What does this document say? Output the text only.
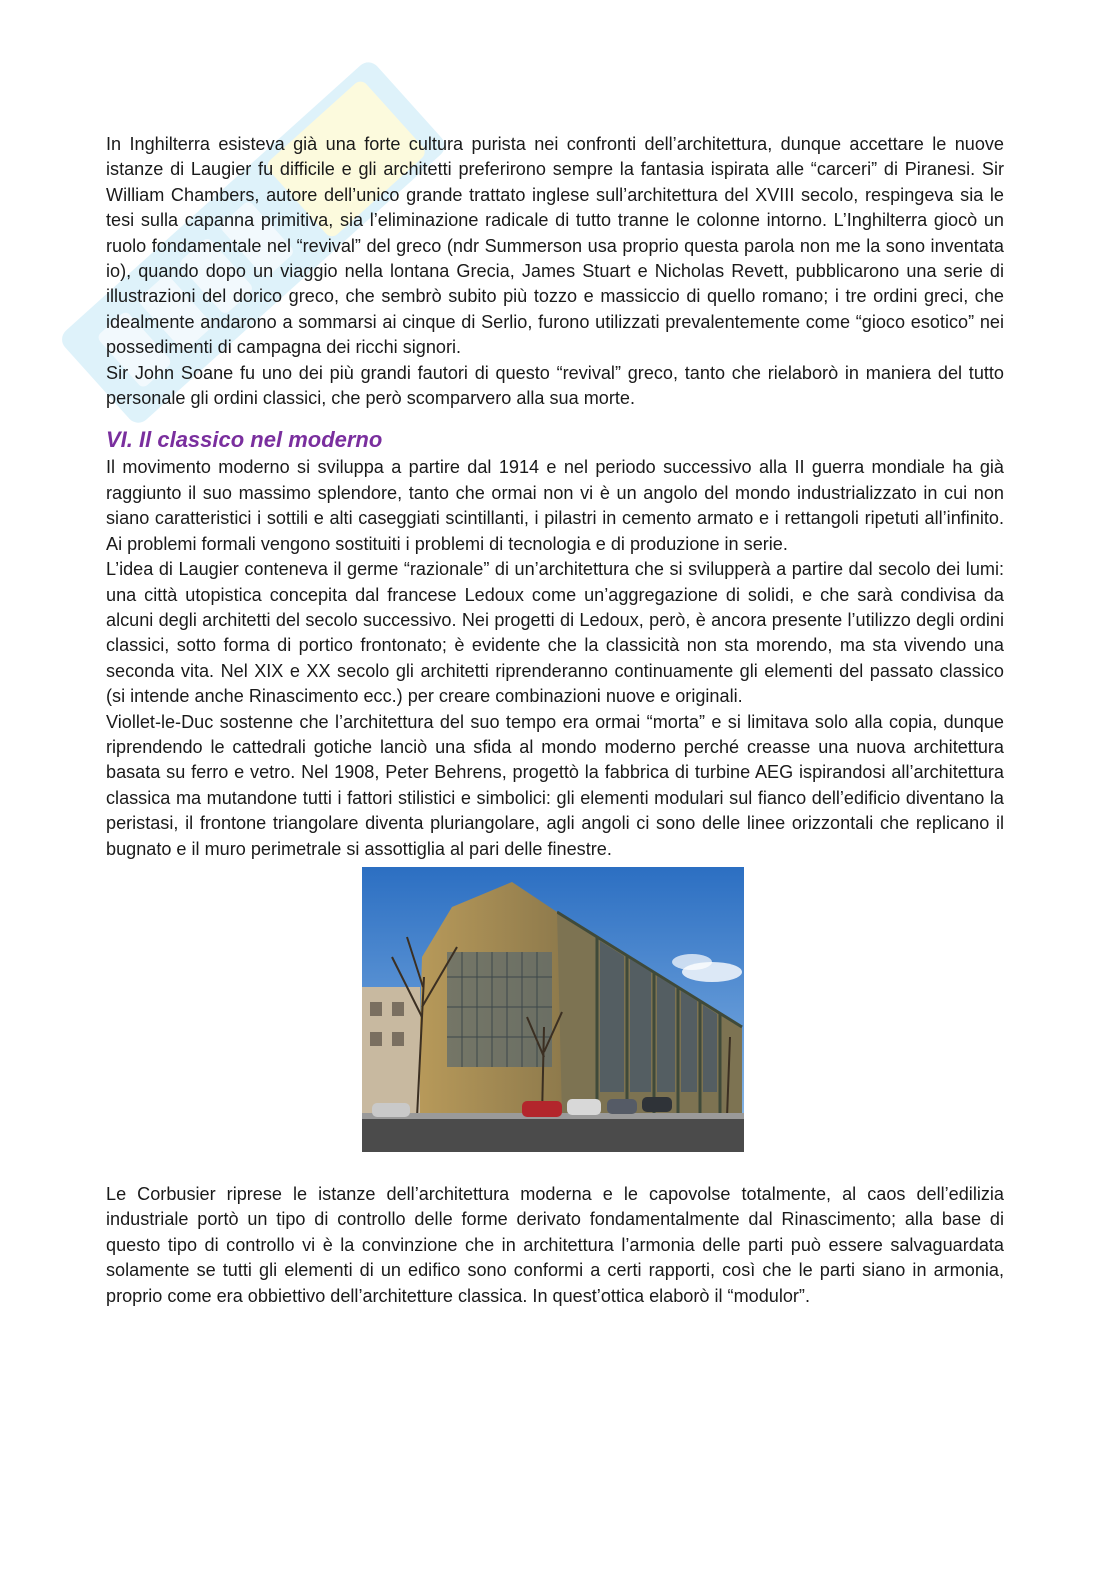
In Inghilterra esisteva già una forte cultura purista nei confronti dell’architettura, dunque accettare le nuove istanze di Laugier fu difficile e gli architetti preferirono sempre la fantasia ispirata alle “carceri” di Piranesi. Sir William Chambers, autore dell’unico grande trattato inglese sull’architettura del XVIII secolo, respingeva sia le tesi sulla capanna primitiva, sia l’eliminazione radicale di tutto tranne le colonne intorno. L’Inghilterra giocò un ruolo fondamentale nel “revival” del greco (ndr Summerson usa proprio questa parola non me la sono inventata io), quando dopo un viaggio nella lontana Grecia, James Stuart e Nicholas Revett, pubblicarono una serie di illustrazioni del dorico greco, che sembrò subito più tozzo e massiccio di quello romano; i tre ordini greci, che idealmente andarono a sommarsi ai cinque di Serlio, furono utilizzati prevalentemente come “gioco esotico” nei possedimenti di campagna dei ricchi signori.

Sir John Soane fu uno dei più grandi fautori di questo “revival” greco, tanto che rielaborò in maniera del tutto personale gli ordini classici, che però scomparvero alla sua morte.

VI. Il classico nel moderno

Il movimento moderno si sviluppa a partire dal 1914 e nel periodo successivo alla II guerra mondiale ha già raggiunto il suo massimo splendore, tanto che ormai non vi è un angolo del mondo industrializzato in cui non siano caratteristici i sottili e alti caseggiati scintillanti, i pilastri in cemento armato e i rettangoli ripetuti all’infinito. Ai problemi formali vengono sostituiti i problemi di tecnologia e di produzione in serie.

L’idea di Laugier conteneva il germe “razionale” di un’architettura che si svilupperà a partire dal secolo dei lumi: una città utopistica concepita dal francese Ledoux come un’aggregazione di solidi, e che sarà condivisa da alcuni degli architetti del secolo successivo. Nei progetti di Ledoux, però, è ancora presente l’utilizzo degli ordini classici, sotto forma di portico frontonato; è evidente che la classicità non sta morendo, ma sta vivendo una seconda vita. Nel XIX e XX secolo gli architetti riprenderanno continuamente gli elementi del passato classico (si intende anche Rinascimento ecc.) per creare combinazioni nuove e originali.

Viollet-le-Duc sostenne che l’architettura del suo tempo era ormai “morta” e si limitava solo alla copia, dunque riprendendo le cattedrali gotiche lanciò una sfida al mondo moderno perché creasse una nuova architettura basata su ferro e vetro. Nel 1908, Peter Behrens, progettò la fabbrica di turbine AEG ispirandosi all’architettura classica ma mutandone tutti i fattori stilistici e simbolici: gli elementi modulari sul fianco dell’edificio diventano la peristasi, il frontone triangolare diventa pluriangolare, agli angoli ci sono delle linee orizzontali che replicano il bugnato e il muro perimetrale si assottiglia al pari delle finestre.

Le Corbusier riprese le istanze dell’architettura moderna e le capovolse totalmente, al caos dell’edilizia industriale portò un tipo di controllo delle forme derivato fondamentalmente dal Rinascimento; alla base di questo tipo di controllo vi è la convinzione che in architettura l’armonia delle parti può essere salvaguardata solamente se tutti gli elementi di un edifico sono conformi a certi rapporti, così che le parti siano in armonia, proprio come era obbiettivo dell’architetture classica. In quest’ottica elaborò il “modulor”.
